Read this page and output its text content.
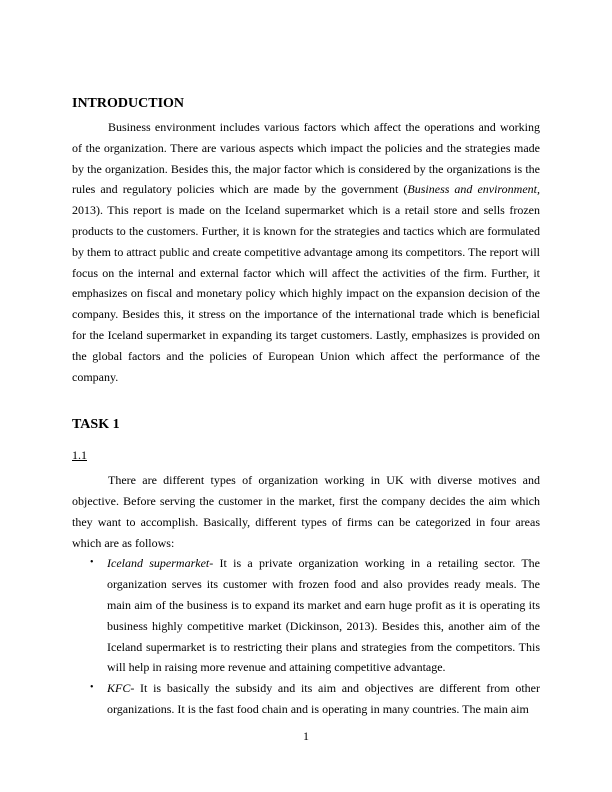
INTRODUCTION

Business environment includes various factors which affect the operations and working of the organization. There are various aspects which impact the policies and the strategies made by the organization. Besides this, the major factor which is considered by the organizations is the rules and regulatory policies which are made by the government (Business and environment, 2013). This report is made on the Iceland supermarket which is a retail store and sells frozen products to the customers. Further, it is known for the strategies and tactics which are formulated by them to attract public and create competitive advantage among its competitors. The report will focus on the internal and external factor which will affect the activities of the firm. Further, it emphasizes on fiscal and monetary policy which highly impact on the expansion decision of the company. Besides this, it stress on the importance of the international trade which is beneficial for the Iceland supermarket in expanding its target customers. Lastly, emphasizes is provided on the global factors and the policies of European Union which affect the performance of the company.

TASK 1
1.1

There are different types of organization working in UK with diverse motives and objective. Before serving the customer in the market, first the company decides the aim which they want to accomplish. Basically, different types of firms can be categorized in four areas which are as follows:

• Iceland supermarket- It is a private organization working in a retailing sector. The organization serves its customer with frozen food and also provides ready meals. The main aim of the business is to expand its market and earn huge profit as it is operating its business highly competitive market (Dickinson, 2013). Besides this, another aim of the Iceland supermarket is to restricting their plans and strategies from the competitors. This will help in raising more revenue and attaining competitive advantage.
• KFC- It is basically the subsidy and its aim and objectives are different from other organizations. It is the fast food chain and is operating in many countries. The main aim
1
